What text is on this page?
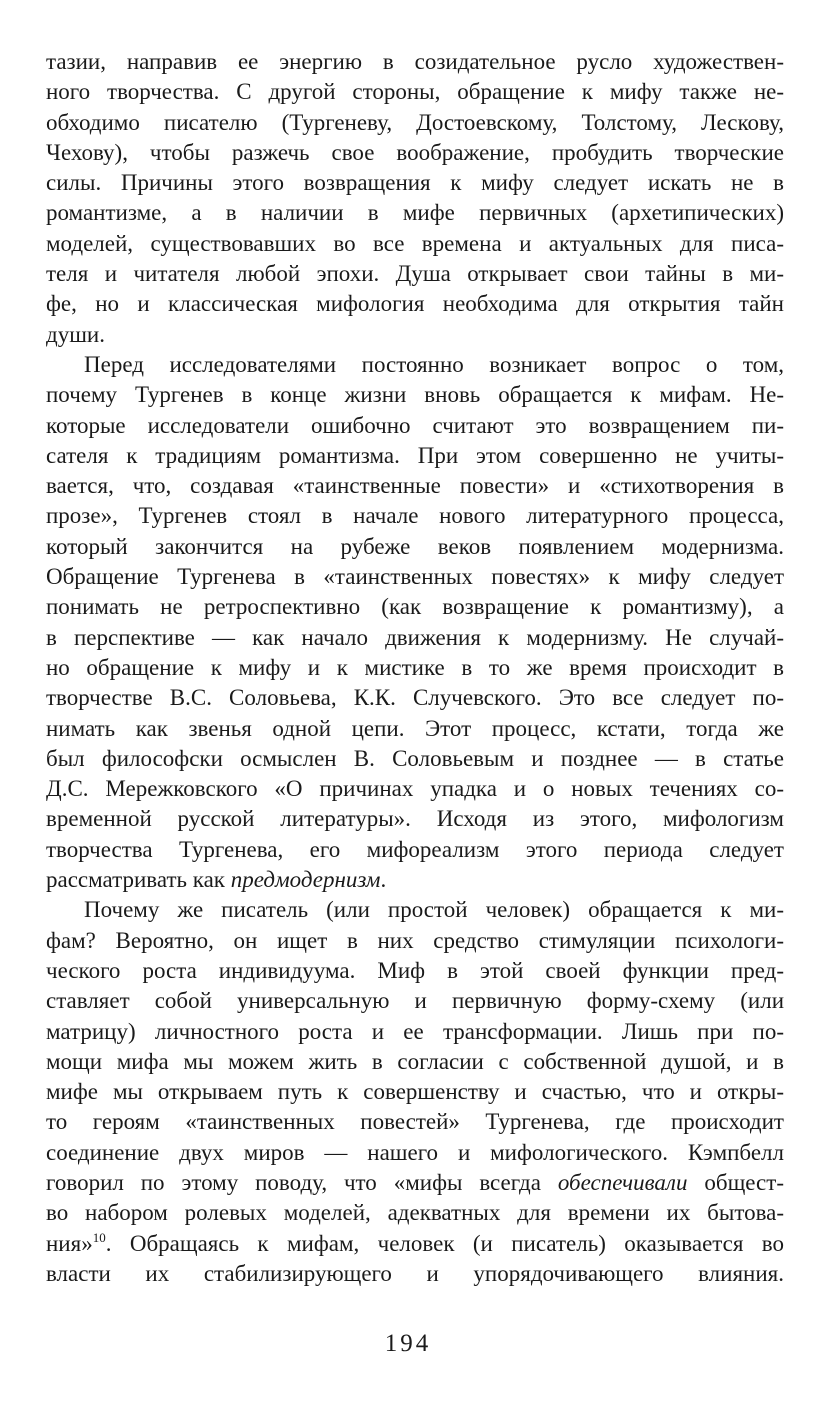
тазии, направив ее энергию в созидательное русло художествен-
ного творчества. С другой стороны, обращение к мифу также не-
обходимо писателю (Тургеневу, Достоевскому, Толстому, Лескову,
Чехову), чтобы разжечь свое воображение, пробудить творческие
силы. Причины этого возвращения к мифу следует искать не в
романтизме, а в наличии в мифе первичных (архетипических)
моделей, существовавших во все времена и актуальных для писа-
теля и читателя любой эпохи. Душа открывает свои тайны в ми-
фе, но и классическая мифология необходима для открытия тайн
души.
Перед исследователями постоянно возникает вопрос о том,
почему Тургенев в конце жизни вновь обращается к мифам. Не-
которые исследователи ошибочно считают это возвращением пи-
сателя к традициям романтизма. При этом совершенно не учиты-
вается, что, создавая «таинственные повести» и «стихотворения в
прозе», Тургенев стоял в начале нового литературного процесса,
который закончится на рубеже веков появлением модернизма.
Обращение Тургенева в «таинственных повестях» к мифу следует
понимать не ретроспективно (как возвращение к романтизму), а
в перспективе — как начало движения к модернизму. Не случай-
но обращение к мифу и к мистике в то же время происходит в
творчестве В.С. Соловьева, К.К. Случевского. Это все следует по-
нимать как звенья одной цепи. Этот процесс, кстати, тогда же
был философски осмыслен В. Соловьевым и позднее — в статье
Д.С. Мережковского «О причинах упадка и о новых течениях со-
временной русской литературы». Исходя из этого, мифологизм
творчества Тургенева, его мифореализм этого периода следует
рассматривать как предмодернизм.
Почему же писатель (или простой человек) обращается к ми-
фам? Вероятно, он ищет в них средство стимуляции психологи-
ческого роста индивидуума. Миф в этой своей функции пред-
ставляет собой универсальную и первичную форму-схему (или
матрицу) личностного роста и ее трансформации. Лишь при по-
мощи мифа мы можем жить в согласии с собственной душой, и в
мифе мы открываем путь к совершенству и счастью, что и откры-
то героям «таинственных повестей» Тургенева, где происходит
соединение двух миров — нашего и мифологического. Кэмпбелл
говорил по этому поводу, что «мифы всегда обеспечивали общест-
во набором ролевых моделей, адекватных для времени их бытова-
ния»$^{10}$. Обращаясь к мифам, человек (и писатель) оказывается во
власти их стабилизирующего и упорядочивающего влияния.
194
